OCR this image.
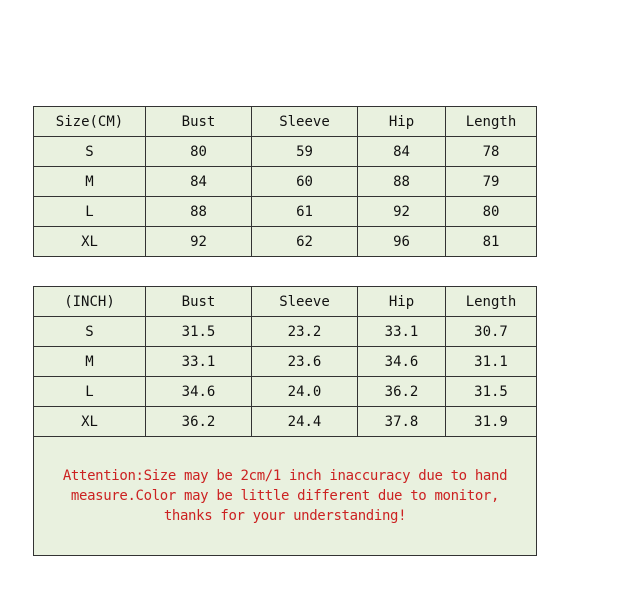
Size(CM)	Bust	Sleeve	Hip	Length
S	80	59	84	78
M	84	60	88	79
L	88	61	92	80
XL	92	62	96	81
(INCH)	Bust	Sleeve	Hip	Length
S	31.5	23.2	33.1	30.7
M	33.1	23.6	34.6	31.1
L	34.6	24.0	36.2	31.5
XL	36.2	24.4	37.8	31.9

Attention:Size may be 2cm/1 inch inaccuracy due to hand
measure.Color may be little different due to monitor,
thanks for your understanding!				
